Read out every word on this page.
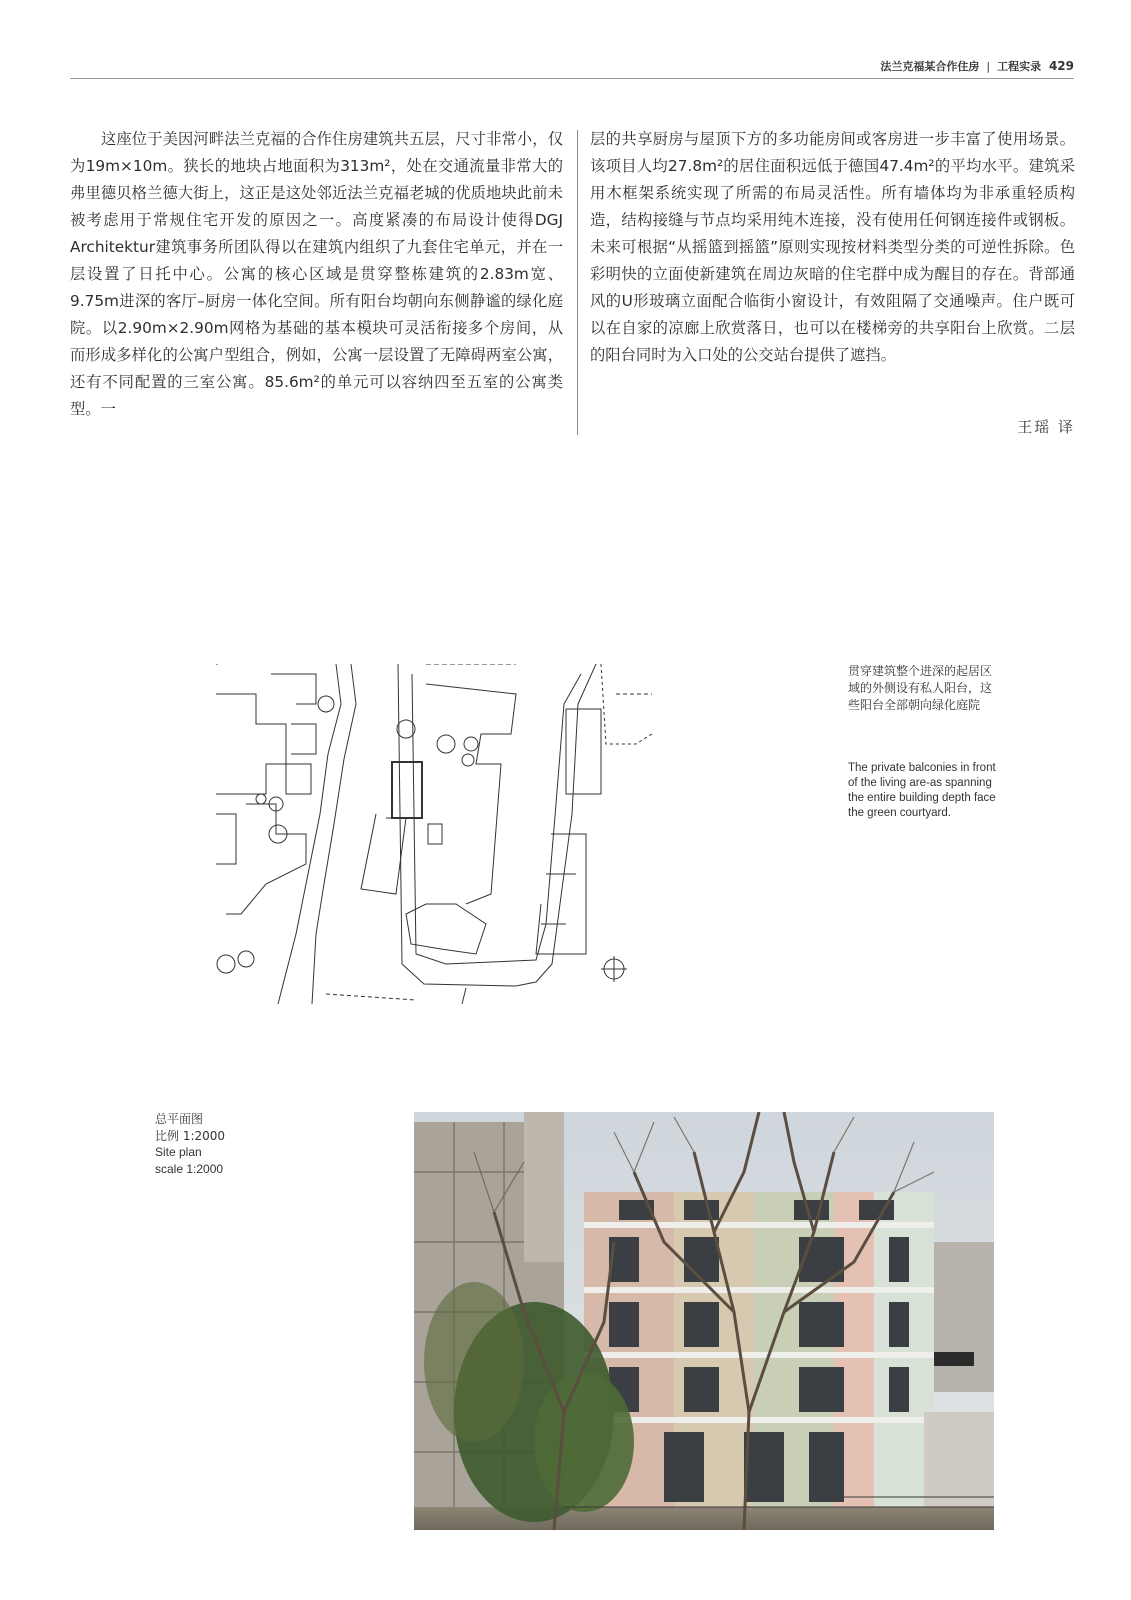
法兰克福某合作住房 | 工程实录 429
这座位于美因河畔法兰克福的合作住房建筑共五层，尺寸非常小，仅为19m×10m。狭长的地块占地面积为313m²，处在交通流量非常大的弗里德贝格兰德大街上，这正是这处邻近法兰克福老城的优质地块此前未被考虑用于常规住宅开发的原因之一。高度紧凑的布局设计使得DGJ Architektur建筑事务所团队得以在建筑内组织了九套住宅单元，并在一层设置了日托中心。公寓的核心区域是贯穿整栋建筑的2.83m宽、9.75m进深的客厅–厨房一体化空间。所有阳台均朝向东侧静谧的绿化庭院。以2.90m×2.90m网格为基础的基本模块可灵活衔接多个房间，从而形成多样化的公寓户型组合，例如，公寓一层设置了无障碍两室公寓，还有不同配置的三室公寓。85.6m²的单元可以容纳四至五室的公寓类型。一
层的共享厨房与屋顶下方的多功能房间或客房进一步丰富了使用场景。该项目人均27.8m²的居住面积远低于德国47.4m²的平均水平。建筑采用木框架系统实现了所需的布局灵活性。所有墙体均为非承重轻质构造，结构接缝与节点均采用纯木连接，没有使用任何钢连接件或钢板。未来可根据“从摇篮到摇篮”原则实现按材料类型分类的可逆性拆除。色彩明快的立面使新建筑在周边灰暗的住宅群中成为醒目的存在。背部通风的U形玻璃立面配合临街小窗设计，有效阻隔了交通噪声。住户既可以在自家的凉廊上欣赏落日，也可以在楼梯旁的共享阳台上欣赏。二层的阳台同时为入口处的公交站台提供了遮挡。
王瑶 译
贯穿建筑整个进深的起居区域的外侧设有私人阳台，这些阳台全部朝向绿化庭院
The private balconies in front of the living are-as spanning the entire building depth face the green courtyard.
总平面图
比例 1:2000
Site plan
scale 1:2000
